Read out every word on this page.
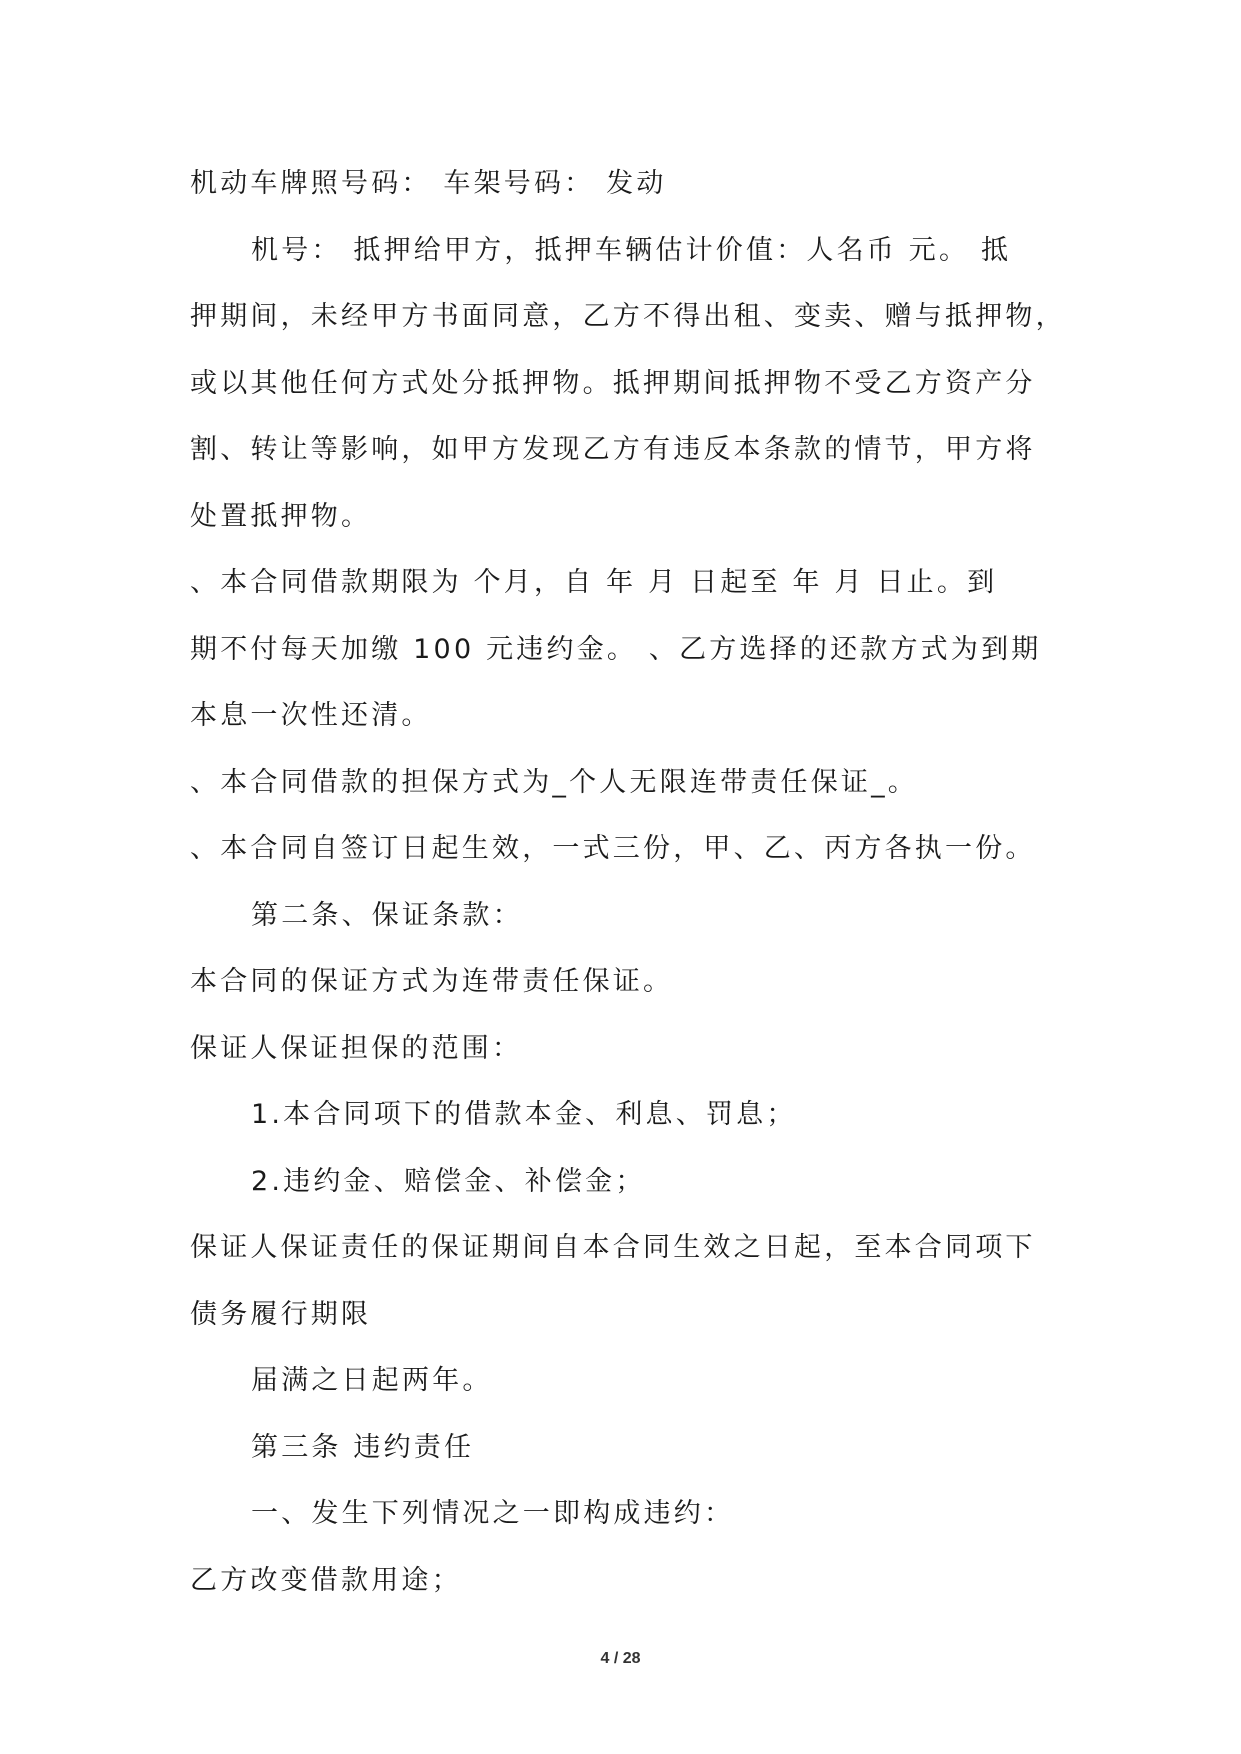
机动车牌照号码： 车架号码： 发动
机号： 抵押给甲方，抵押车辆估计价值：人名币 元。 抵
押期间，未经甲方书面同意，乙方不得出租、变卖、赠与抵押物，
或以其他任何方式处分抵押物。抵押期间抵押物不受乙方资产分
割、转让等影响，如甲方发现乙方有违反本条款的情节，甲方将
处置抵押物。
、本合同借款期限为 个月，自 年 月 日起至 年 月 日止。到
期不付每天加缴 100 元违约金。 、乙方选择的还款方式为到期
本息一次性还清。
、本合同借款的担保方式为_个人无限连带责任保证_。
、本合同自签订日起生效，一式三份，甲、乙、丙方各执一份。
第二条、保证条款：
本合同的保证方式为连带责任保证。
保证人保证担保的范围：
1.本合同项下的借款本金、利息、罚息；
2.违约金、赔偿金、补偿金；
保证人保证责任的保证期间自本合同生效之日起，至本合同项下
债务履行期限
届满之日起两年。
第三条 违约责任
一、发生下列情况之一即构成违约：
乙方改变借款用途；
4 / 28
